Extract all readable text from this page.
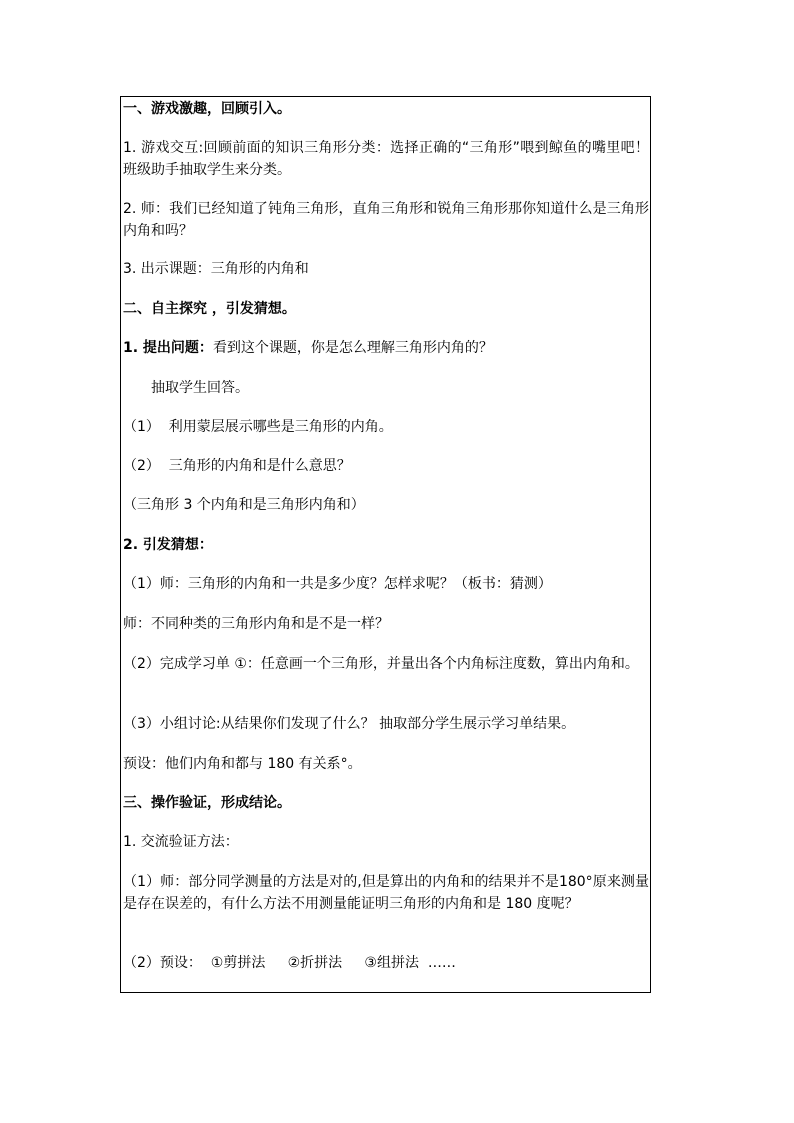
一、游戏激趣，回顾引入。
1. 游戏交互:回顾前面的知识三角形分类：选择正确的“三角形”喂到鲸鱼的嘴里吧！班级助手抽取学生来分类。
2. 师：我们已经知道了钝角三角形，直角三角形和锐角三角形那你知道什么是三角形内角和吗？
3. 出示课题：三角形的内角和
二、自主探究 ，引发猜想。
1. 提出问题：看到这个课题，你是怎么理解三角形内角的？
抽取学生回答。
（1）  利用蒙层展示哪些是三角形的内角。
（2）  三角形的内角和是什么意思？
（三角形 3 个内角和是三角形内角和）
2. 引发猜想：
（1）师：三角形的内角和一共是多少度？怎样求呢？（板书：猜测）
师：不同种类的三角形内角和是不是一样？
（2）完成学习单 ①：任意画一个三角形，并量出各个内角标注度数，算出内角和。
（3）小组讨论:从结果你们发现了什么？ 抽取部分学生展示学习单结果。
预设：他们内角和都与 180 有关系°。
三、操作验证，形成结论。
1. 交流验证方法：
（1）师：部分同学测量的方法是对的,但是算出的内角和的结果并不是180°原来测量是存在误差的，有什么方法不用测量能证明三角形的内角和是 180 度呢？
（2）预设：  ①剪拼法     ②折拼法     ③组拼法  ……
